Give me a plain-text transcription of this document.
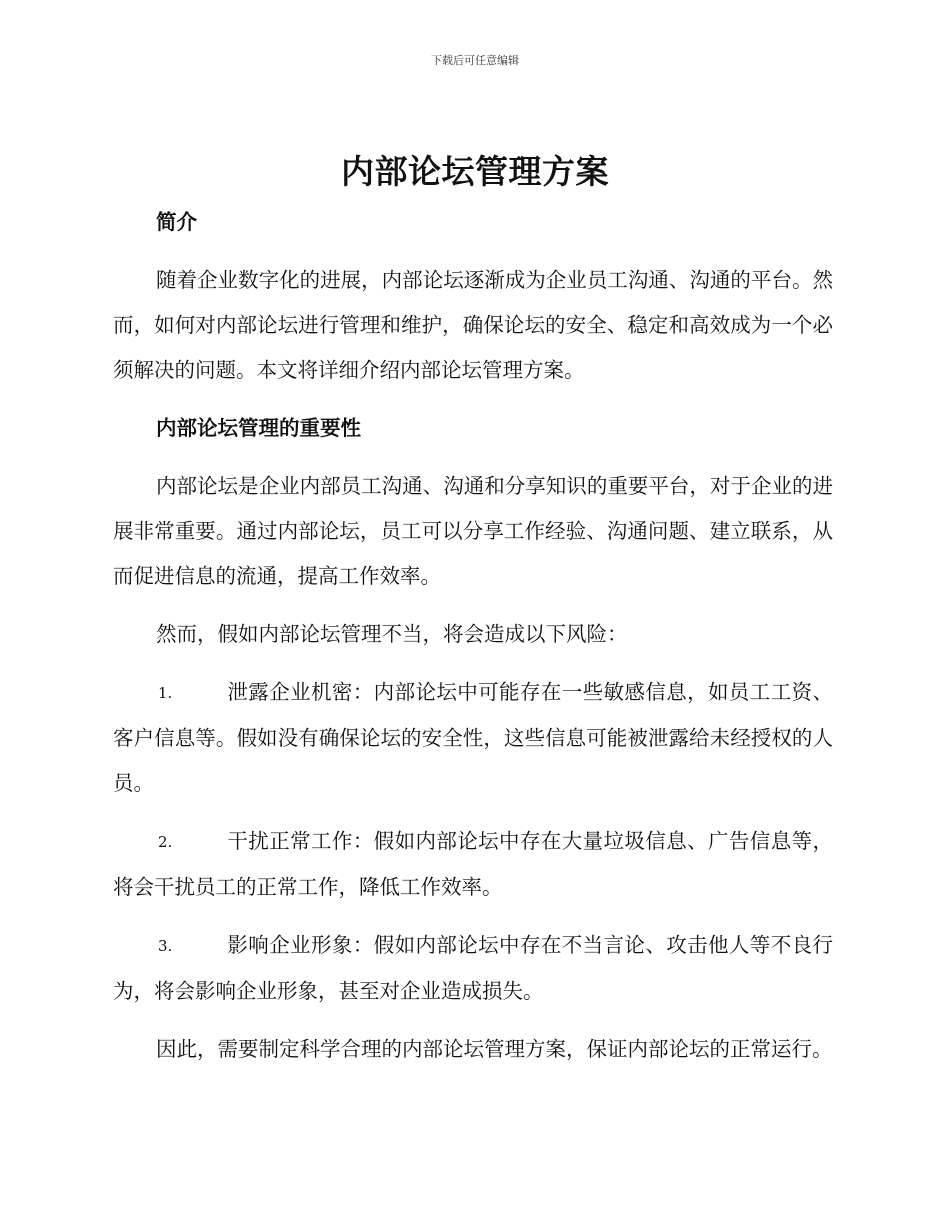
下载后可任意编辑
内部论坛管理方案
简介

随着企业数字化的进展，内部论坛逐渐成为企业员工沟通、沟通的平台。然而，如何对内部论坛进行管理和维护，确保论坛的安全、稳定和高效成为一个必须解决的问题。本文将详细介绍内部论坛管理方案。

内部论坛管理的重要性

内部论坛是企业内部员工沟通、沟通和分享知识的重要平台，对于企业的进展非常重要。通过内部论坛，员工可以分享工作经验、沟通问题、建立联系，从而促进信息的流通，提高工作效率。

然而，假如内部论坛管理不当，将会造成以下风险：

1.	泄露企业机密：内部论坛中可能存在一些敏感信息，如员工工资、客户信息等。假如没有确保论坛的安全性，这些信息可能被泄露给未经授权的人员。

2.	干扰正常工作：假如内部论坛中存在大量垃圾信息、广告信息等，将会干扰员工的正常工作，降低工作效率。

3.	影响企业形象：假如内部论坛中存在不当言论、攻击他人等不良行为，将会影响企业形象，甚至对企业造成损失。

因此，需要制定科学合理的内部论坛管理方案，保证内部论坛的正常运行。
